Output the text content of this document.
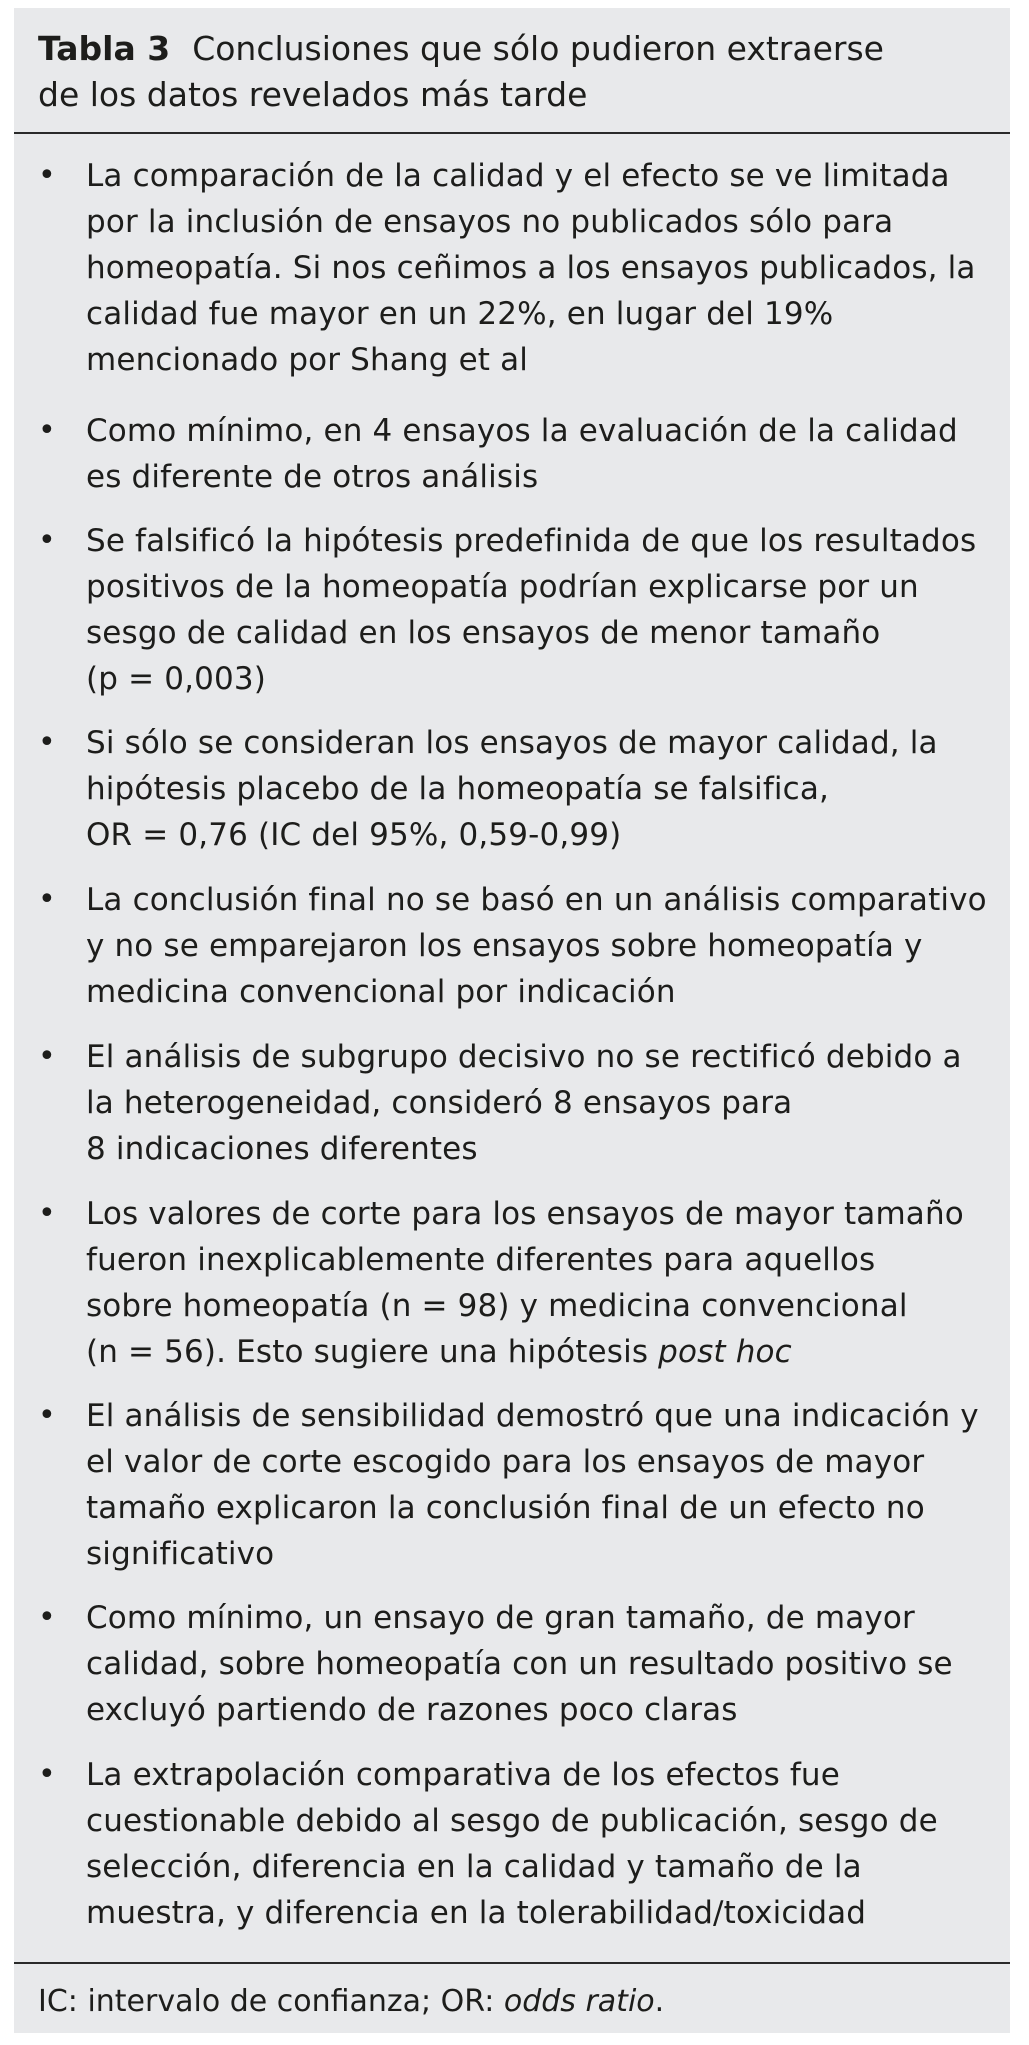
Tabla 3 Conclusiones que sólo pudieron extraerse
de los datos revelados más tarde
• La comparación de la calidad y el efecto se ve limitada
por la inclusión de ensayos no publicados sólo para
homeopatía. Si nos ceñimos a los ensayos publicados, la
calidad fue mayor en un 22%, en lugar del 19%
mencionado por Shang et al
• Como mínimo, en 4 ensayos la evaluación de la calidad
es diferente de otros análisis
• Se falsificó la hipótesis predefinida de que los resultados
positivos de la homeopatía podrían explicarse por un
sesgo de calidad en los ensayos de menor tamaño
(p = 0,003)
• Si sólo se consideran los ensayos de mayor calidad, la
hipótesis placebo de la homeopatía se falsifica,
OR = 0,76 (IC del 95%, 0,59-0,99)
• La conclusión final no se basó en un análisis comparativo
y no se emparejaron los ensayos sobre homeopatía y
medicina convencional por indicación
• El análisis de subgrupo decisivo no se rectificó debido a
la heterogeneidad, consideró 8 ensayos para
8 indicaciones diferentes
• Los valores de corte para los ensayos de mayor tamaño
fueron inexplicablemente diferentes para aquellos
sobre homeopatía (n = 98) y medicina convencional
(n = 56). Esto sugiere una hipótesis post hoc
• El análisis de sensibilidad demostró que una indicación y
el valor de corte escogido para los ensayos de mayor
tamaño explicaron la conclusión final de un efecto no
significativo
• Como mínimo, un ensayo de gran tamaño, de mayor
calidad, sobre homeopatía con un resultado positivo se
excluyó partiendo de razones poco claras
• La extrapolación comparativa de los efectos fue
cuestionable debido al sesgo de publicación, sesgo de
selección, diferencia en la calidad y tamaño de la
muestra, y diferencia en la tolerabilidad/toxicidad
IC: intervalo de confianza; OR: odds ratio.
